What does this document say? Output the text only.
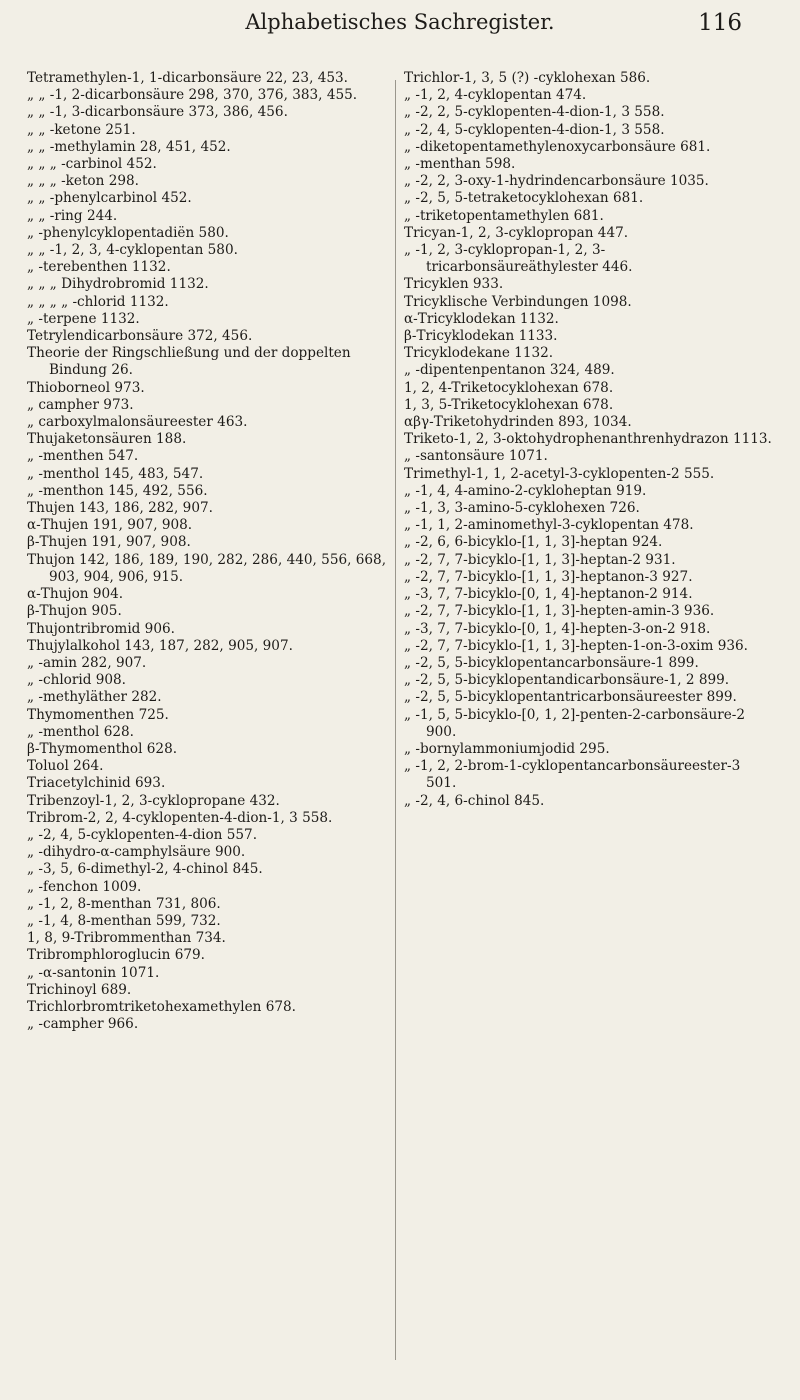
Alphabetisches Sachregister.	116

Tetramethylen-1, 1-dicarbonsäure 22, 23, 453.

„ „ -1, 2-dicarbonsäure 298, 370, 376, 383, 455.

„ „ -1, 3-dicarbonsäure 373, 386, 456.

„ „ -ketone 251.

„ „ -methylamin 28, 451, 452.

„ „ „ -carbinol 452.

„ „ „ -keton 298.

„ „ -phenylcarbinol 452.

„ „ -ring 244.

„ -phenylcyklopentadiën 580.

„ „ -1, 2, 3, 4-cyklopentan 580.

„ -terebenthen 1132.

„ „ „ Dihydrobromid 1132.

„ „ „ „ -chlorid 1132.

„ -terpene 1132.

Tetrylendicarbonsäure 372, 456.

Theorie der Ringschließung und der doppelten Bindung 26.

Thioborneol 973.

„ campher 973.

„ carboxylmalonsäureester 463.

Thujaketonsäuren 188.

„ -menthen 547.

„ -menthol 145, 483, 547.

„ -menthon 145, 492, 556.

Thujen 143, 186, 282, 907.

α-Thujen 191, 907, 908.

β-Thujen 191, 907, 908.

Thujon 142, 186, 189, 190, 282, 286, 440, 556, 668, 903, 904, 906, 915.

α-Thujon 904.

β-Thujon 905.

Thujontribromid 906.

Thujylalkohol 143, 187, 282, 905, 907.

„ -amin 282, 907.

„ -chlorid 908.

„ -methyläther 282.

Thymomenthen 725.

„ -menthol 628.

β-Thymomenthol 628.

Toluol 264.

Triacetylchinid 693.

Tribenzoyl-1, 2, 3-cyklopropane 432.

Tribrom-2, 2, 4-cyklopenten-4-dion-1, 3 558.

„ -2, 4, 5-cyklopenten-4-dion 557.

„ -dihydro-α-camphylsäure 900.

„ -3, 5, 6-dimethyl-2, 4-chinol 845.

„ -fenchon 1009.

„ -1, 2, 8-menthan 731, 806.

„ -1, 4, 8-menthan 599, 732.

1, 8, 9-Tribrommenthan 734.

Tribromphloroglucin 679.

„ -α-santonin 1071.

Trichinoyl 689.

Trichlorbromtriketohexamethylen 678.

„ -campher 966.

Trichlor-1, 3, 5 (?) -cyklohexan 586.

„ -1, 2, 4-cyklopentan 474.

„ -2, 2, 5-cyklopenten-4-dion-1, 3 558.

„ -2, 4, 5-cyklopenten-4-dion-1, 3 558.

„ -diketopentamethylenoxycarbonsäure 681.

„ -menthan 598.

„ -2, 2, 3-oxy-1-hydrindencarbonsäure 1035.

„ -2, 5, 5-tetraketocyklohexan 681.

„ -triketopentamethylen 681.

Tricyan-1, 2, 3-cyklopropan 447.

„ -1, 2, 3-cyklopropan-1, 2, 3-tricarbonsäureäthylester 446.

Tricyklen 933.

Tricyklische Verbindungen 1098.

α-Tricyklodekan 1132.

β-Tricyklodekan 1133.

Tricyklodekane 1132.

„ -dipentenpentanon 324, 489.

1, 2, 4-Triketocyklohexan 678.

1, 3, 5-Triketocyklohexan 678.

αβγ-Triketohydrinden 893, 1034.

Triketo-1, 2, 3-oktohydrophenanthrenhydrazon 1113.

„ -santonsäure 1071.

Trimethyl-1, 1, 2-acetyl-3-cyklopenten-2 555.

„ -1, 4, 4-amino-2-cykloheptan 919.

„ -1, 3, 3-amino-5-cyklohexen 726.

„ -1, 1, 2-aminomethyl-3-cyklopentan 478.

„ -2, 6, 6-bicyklo-[1, 1, 3]-heptan 924.

„ -2, 7, 7-bicyklo-[1, 1, 3]-heptan-2 931.

„ -2, 7, 7-bicyklo-[1, 1, 3]-heptanon-3 927.

„ -3, 7, 7-bicyklo-[0, 1, 4]-heptanon-2 914.

„ -2, 7, 7-bicyklo-[1, 1, 3]-hepten-amin-3 936.

„ -3, 7, 7-bicyklo-[0, 1, 4]-hepten-3-on-2 918.

„ -2, 7, 7-bicyklo-[1, 1, 3]-hepten-1-on-3-oxim 936.

„ -2, 5, 5-bicyklopentancarbonsäure-1 899.

„ -2, 5, 5-bicyklopentandicarbonsäure-1, 2 899.

„ -2, 5, 5-bicyklopentantricarbonsäureester 899.

„ -1, 5, 5-bicyklo-[0, 1, 2]-penten-2-carbonsäure-2 900.

„ -bornylammoniumjodid 295.

„ -1, 2, 2-brom-1-cyklopentancarbonsäureester-3 501.

„ -2, 4, 6-chinol 845.
